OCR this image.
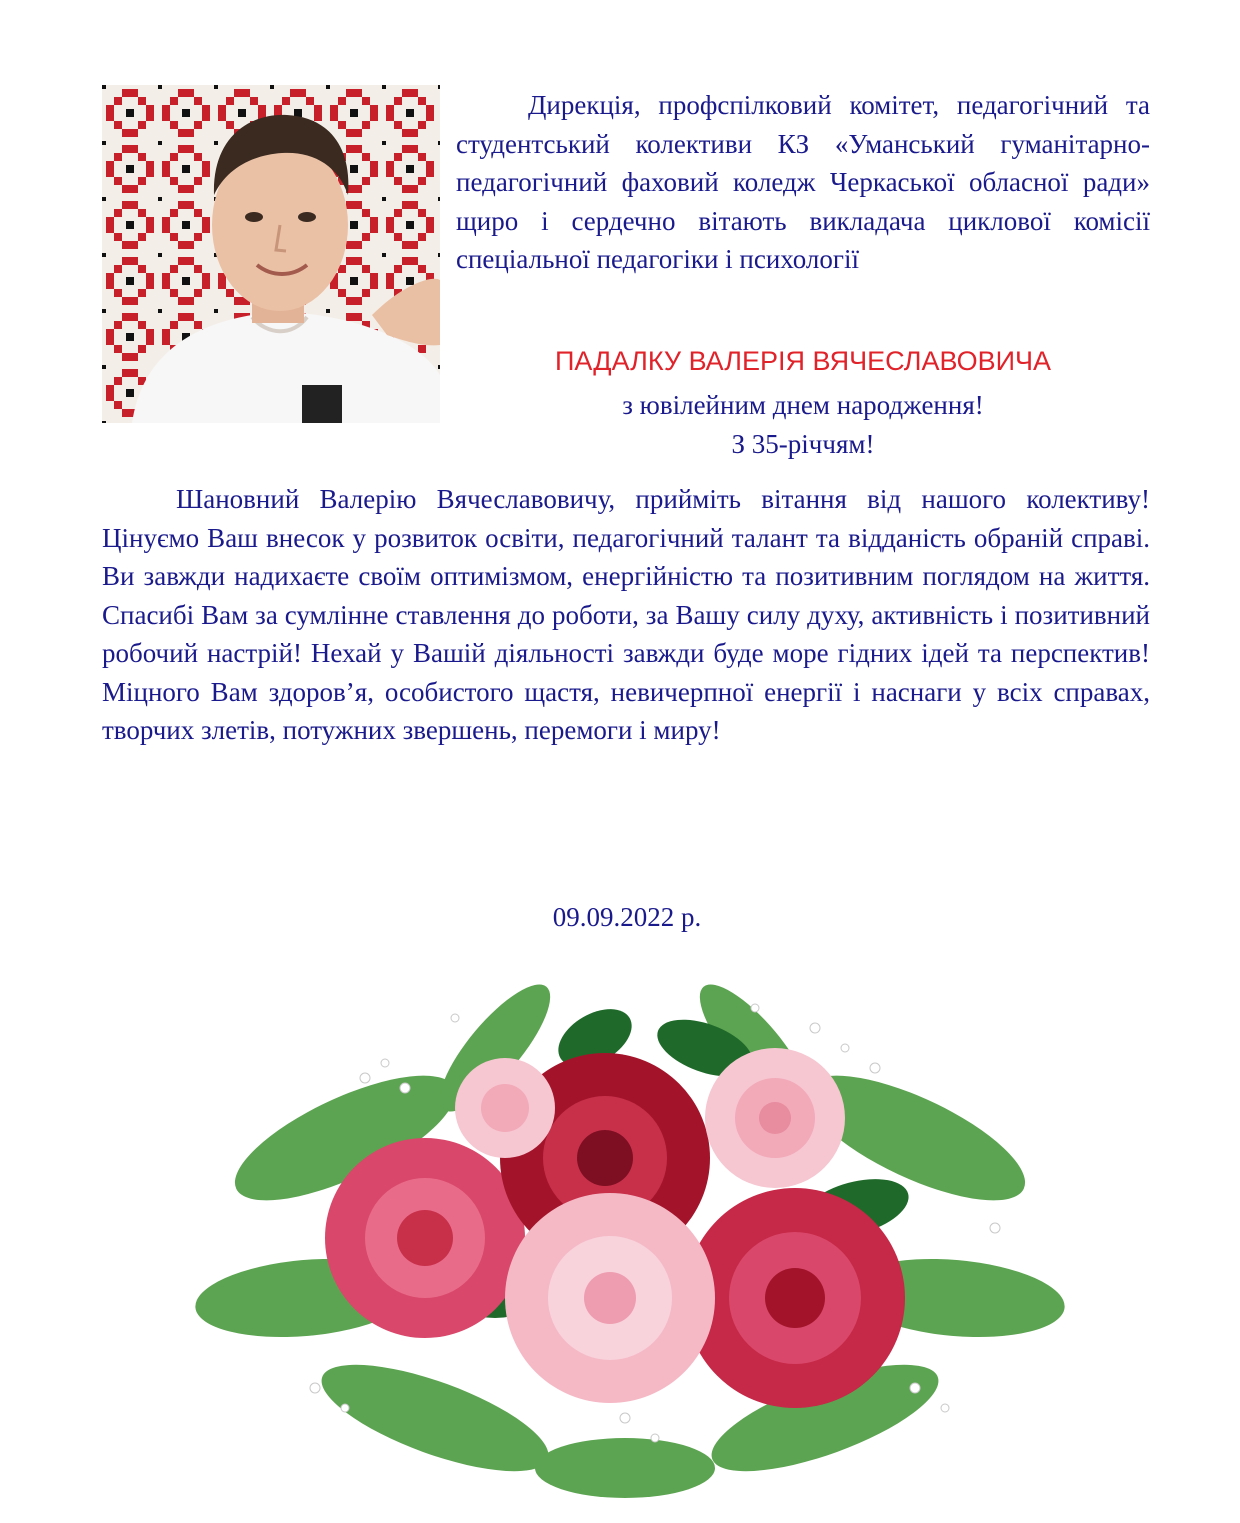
Дирекція, профспілковий комітет, педагогічний та студентський колективи КЗ «Уманський гуманітарно-педагогічний фаховий коледж Черкаської обласної ради» щиро і сердечно вітають викладача циклової комісії спеціальної педагогіки і психології

ПАДАЛКУ ВАЛЕРІЯ ВЯЧЕСЛАВОВИЧА
з ювілейним днем народження!
З 35-річчям!

Шановний Валерію Вячеславовичу, прийміть вітання від нашого колективу! Цінуємо Ваш внесок у розвиток освіти, педагогічний талант та відданість обраній справі. Ви завжди надихаєте своїм оптимізмом, енергійністю та позитивним поглядом на життя. Спасибі Вам за сумлінне ставлення до роботи, за Вашу силу духу, активність і позитивний робочий настрій! Нехай у Вашій діяльності завжди буде море гідних ідей та перспектив! Міцного Вам здоров’я, особистого щастя, невичерпної енергії і наснаги у всіх справах, творчих злетів, потужних звершень, перемоги і миру!

09.09.2022 р.
